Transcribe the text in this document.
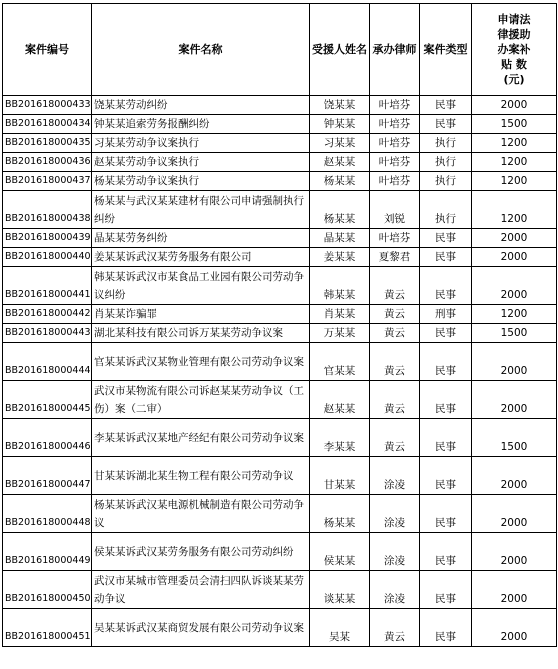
案件编号	案件名称	受援人姓名	承办律师	案件类型	申请法
律援助
办案补
贴 数
(元)

BB201618000433	饶某某劳动纠纷	饶某某	叶培芬	民事	2000
BB201618000434	钟某某追索劳务报酬纠纷	钟某某	叶培芬	民事	1500
BB201618000435	习某某劳动争议案执行	习某某	叶培芬	执行	1200
BB201618000436	赵某某劳动争议案执行	赵某某	叶培芬	执行	1200
BB201618000437	杨某某劳动争议案执行	杨某某	叶培芬	执行	1200
BB201618000438	杨某某与武汉某某建材有限公司申请强制执行纠纷	杨某某	刘锐	执行	1200
BB201618000439	晶某某劳务纠纷	晶某某	叶培芬	民事	2000
BB201618000440	姜某某诉武汉某劳务服务有限公司	姜某某	夏黎君	民事	2000
BB201618000441	韩某某诉武汉市某食品工业园有限公司劳动争议纠纷	韩某某	黄云	民事	2000
BB201618000442	肖某某诈骗罪	肖某某	黄云	刑事	1200
BB201618000443	湖北某科技有限公司诉万某某劳动争议案	万某某	黄云	民事	1500
BB201618000444	官某某诉武汉某物业管理有限公司劳动争议案	官某某	黄云	民事	2000
BB201618000445	武汉市某物流有限公司诉赵某某劳动争议（工伤）案（二审）	赵某某	黄云	民事	2000
BB201618000446	李某某诉武汉某地产经纪有限公司劳动争议案	李某某	黄云	民事	1500
BB201618000447	甘某某诉湖北某生物工程有限公司劳动争议	甘某某	涂凌	民事	2000
BB201618000448	杨某某诉武汉某电源机械制造有限公司劳动争议	杨某某	涂凌	民事	2000
BB201618000449	侯某某诉武汉某劳务服务有限公司劳动纠纷	侯某某	涂凌	民事	2000
BB201618000450	武汉市某城市管理委员会清扫四队诉谈某某劳动争议	谈某某	涂凌	民事	2000
BB201618000451	吴某某诉武汉某商贸发展有限公司劳动争议案	吴某	黄云	民事	2000
